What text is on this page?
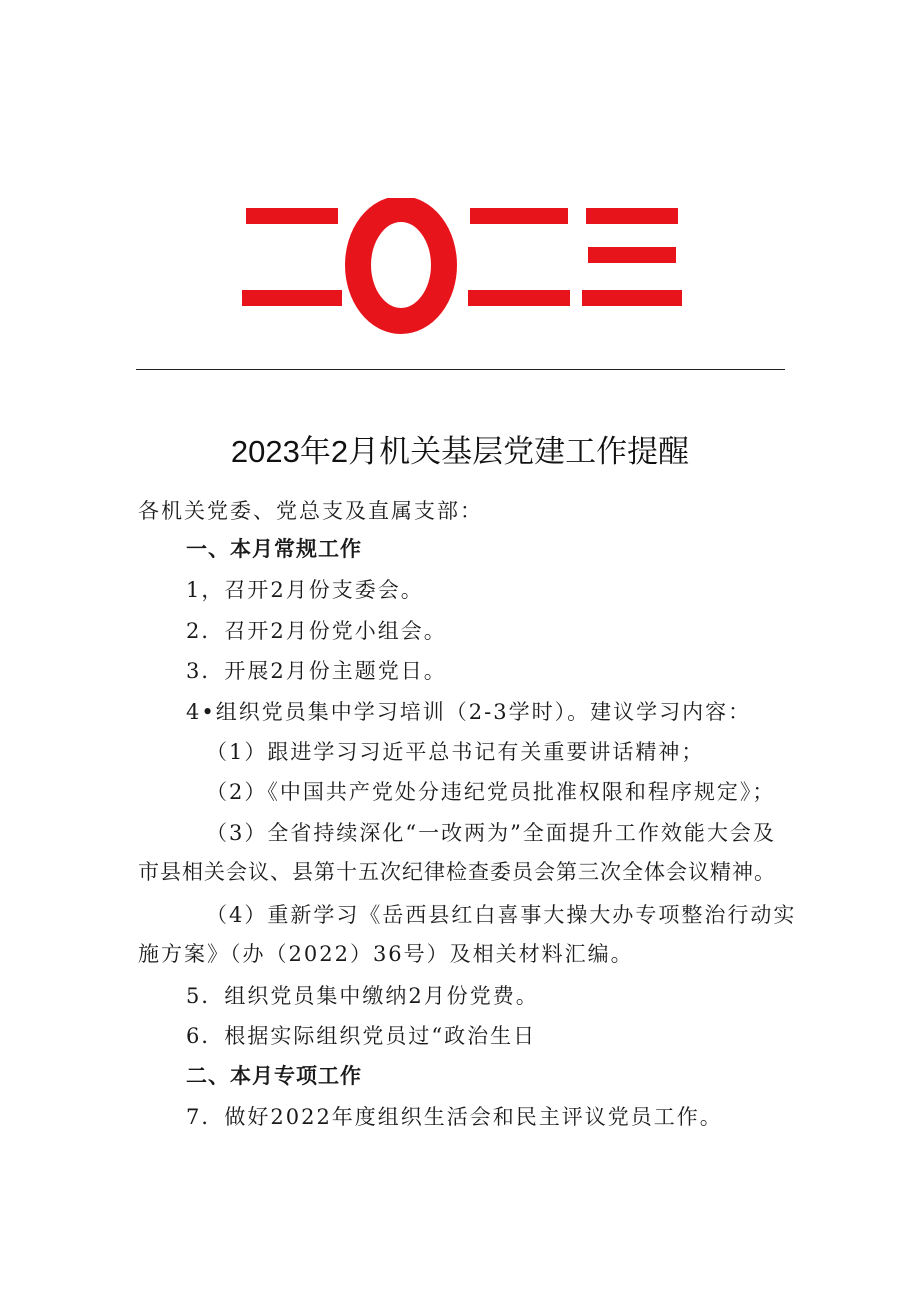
2023年2月机关基层党建工作提醒
各机关党委、党总支及直属支部：
一、本月常规工作
1，召开2月份支委会。
2．召开2月份党小组会。
3．开展2月份主题党日。
4•组织党员集中学习培训（2-3学时）。建议学习内容：
（1）跟进学习习近平总书记有关重要讲话精神；
（2）《中国共产党处分违纪党员批准权限和程序规定》；
（3）全省持续深化“一改两为”全面提升工作效能大会及
市县相关会议、县第十五次纪律检查委员会第三次全体会议精神。
（4）重新学习《岳西县红白喜事大操大办专项整治行动实
施方案》（办（2022）36号）及相关材料汇编。
5．组织党员集中缴纳2月份党费。
6．根据实际组织党员过“政治生日
二、本月专项工作
7．做好2022年度组织生活会和民主评议党员工作。
